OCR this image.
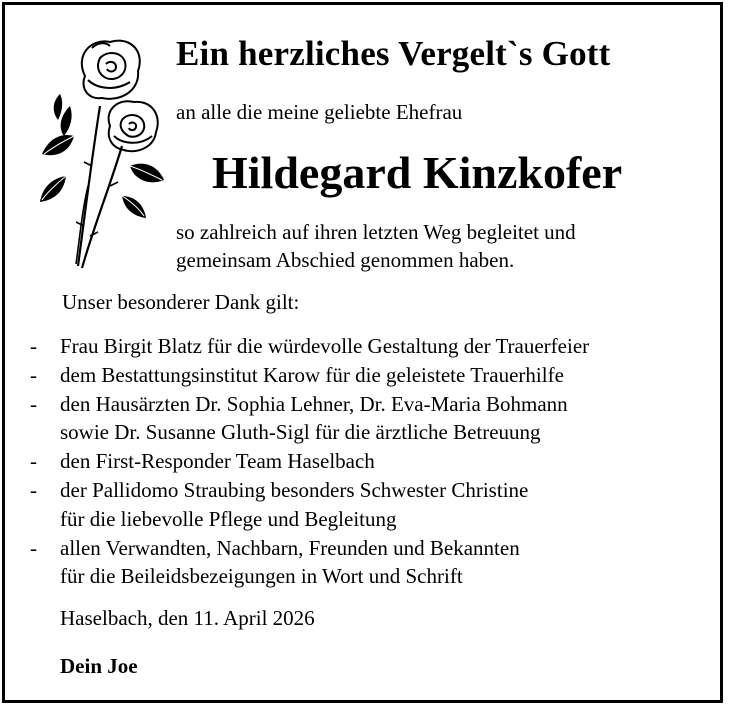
Ein herzliches Vergelt`s Gott
an alle die meine geliebte Ehefrau
Hildegard Kinzkofer
so zahlreich auf ihren letzten Weg begleitet und
gemeinsam Abschied genommen haben.
Unser besonderer Dank gilt:
- Frau Birgit Blatz für die würdevolle Gestaltung der Trauerfeier
- dem Bestattungsinstitut Karow für die geleistete Trauerhilfe
- den Hausärzten Dr. Sophia Lehner, Dr. Eva-Maria Bohmann
sowie Dr. Susanne Gluth-Sigl für die ärztliche Betreuung
- den First-Responder Team Haselbach
- der Pallidomo Straubing besonders Schwester Christine
für die liebevolle Pflege und Begleitung
- allen Verwandten, Nachbarn, Freunden und Bekannten
für die Beileidsbezeigungen in Wort und Schrift
Haselbach, den 11. April 2026
Dein Joe
